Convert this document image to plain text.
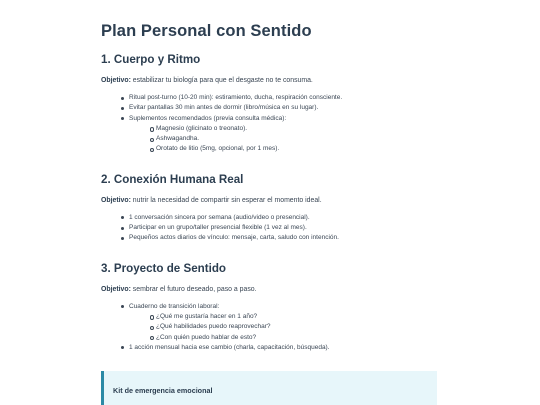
Plan Personal con Sentido
1. Cuerpo y Ritmo

Objetivo: estabilizar tu biología para que el desgaste no te consuma.

Ritual post-turno (10-20 min): estiramiento, ducha, respiración consciente.
Evitar pantallas 30 min antes de dormir (libro/música en su lugar).
Suplementos recomendados (previa consulta médica):
Magnesio (glicinato o treonato).
Ashwagandha.
Orotato de litio (5mg, opcional, por 1 mes).
2. Conexión Humana Real

Objetivo: nutrir la necesidad de compartir sin esperar el momento ideal.

1 conversación sincera por semana (audio/video o presencial).
Participar en un grupo/taller presencial flexible (1 vez al mes).
Pequeños actos diarios de vínculo: mensaje, carta, saludo con intención.
3. Proyecto de Sentido

Objetivo: sembrar el futuro deseado, paso a paso.

Cuaderno de transición laboral:
¿Qué me gustaría hacer en 1 año?
¿Qué habilidades puedo reaprovechar?
¿Con quién puedo hablar de esto?
1 acción mensual hacia ese cambio (charla, capacitación, búsqueda).
Kit de emergencia emocional
